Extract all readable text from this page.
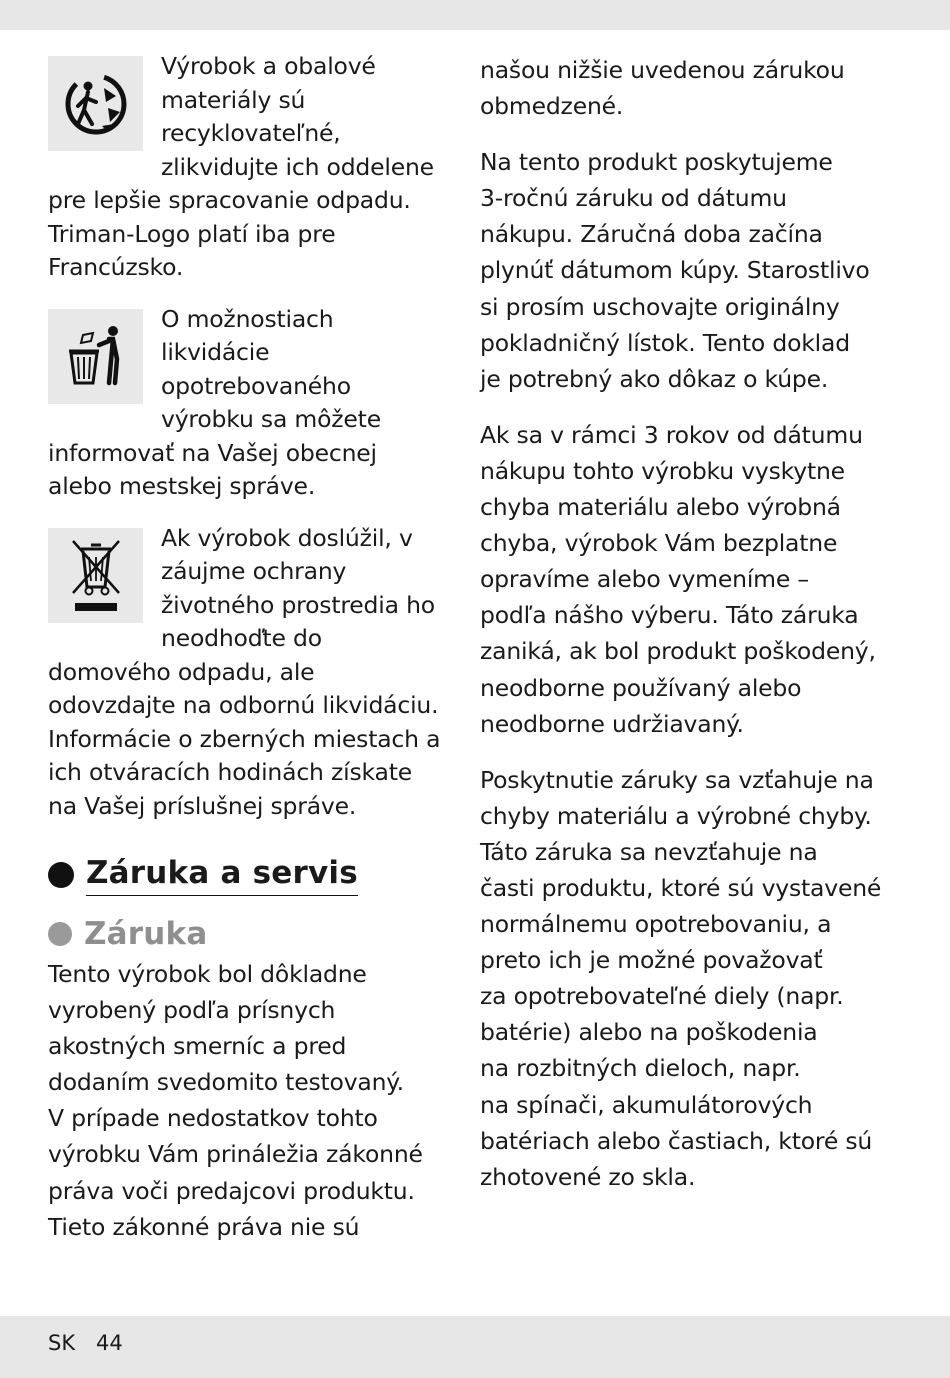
Výrobok a obalové
materiály sú
recyklovateľné,
zlikvidujte ich oddelene
pre lepšie spracovanie odpadu.
Triman-Logo platí iba pre
Francúzsko.
O možnostiach
likvidácie
opotrebovaného
výrobku sa môžete
informovať na Vašej obecnej
alebo mestskej správe.
Ak výrobok doslúžil, v
záujme ochrany
životného prostredia ho
neodhoďte do
domového odpadu, ale
odovzdajte na odbornú likvidáciu.
Informácie o zberných miestach a
ich otváracích hodinách získate
na Vašej príslušnej správe.
Záruka a servis
Záruka
Tento výrobok bol dôkladne
vyrobený podľa prísnych
akostných smerníc a pred
dodaním svedomito testovaný.
V prípade nedostatkov tohto
výrobku Vám prináležia zákonné
práva voči predajcovi produktu.
Tieto zákonné práva nie sú
našou nižšie uvedenou zárukou
obmedzené.
Na tento produkt poskytujeme
3-ročnú záruku od dátumu
nákupu. Záručná doba začína
plynúť dátumom kúpy. Starostlivo
si prosím uschovajte originálny
pokladničný lístok. Tento doklad
je potrebný ako dôkaz o kúpe.
Ak sa v rámci 3 rokov od dátumu
nákupu tohto výrobku vyskytne
chyba materiálu alebo výrobná
chyba, výrobok Vám bezplatne
opravíme alebo vymeníme –
podľa nášho výberu. Táto záruka
zaniká, ak bol produkt poškodený,
neodborne používaný alebo
neodborne udržiavaný.
Poskytnutie záruky sa vzťahuje na
chyby materiálu a výrobné chyby.
Táto záruka sa nevzťahuje na
časti produktu, ktoré sú vystavené
normálnemu opotrebovaniu, a
preto ich je možné považovať
za opotrebovateľné diely (napr.
batérie) alebo na poškodenia
na rozbitných dieloch, napr.
na spínači, akumulátorových
batériach alebo častiach, ktoré sú
zhotovené zo skla.
SK 44
